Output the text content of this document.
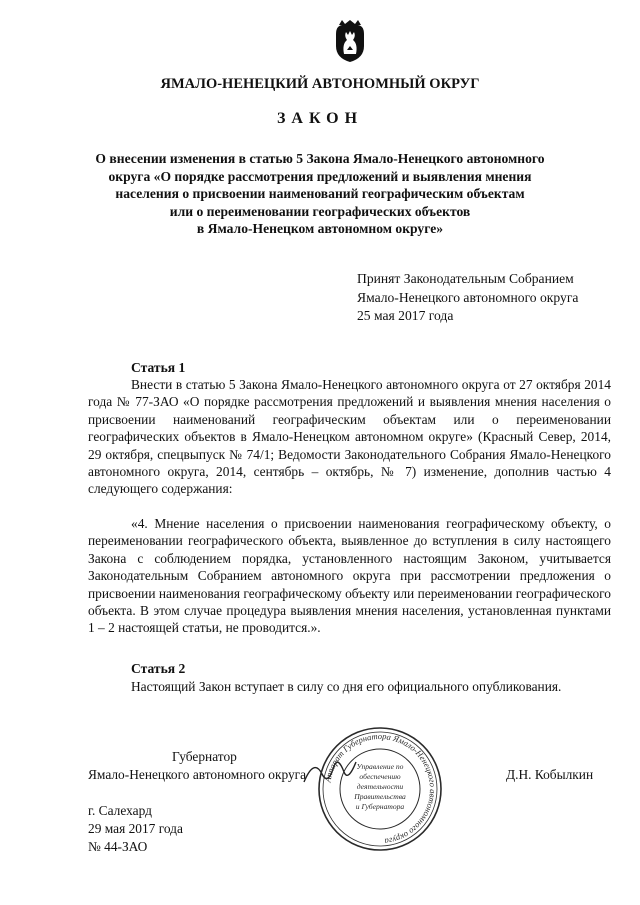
ЯМАЛО-НЕНЕЦКИЙ АВТОНОМНЫЙ ОКРУГ
ЗАКОН
О внесении изменения в статью 5 Закона Ямало-Ненецкого автономного
округа «О порядке рассмотрения предложений и выявления мнения
населения о присвоении наименований географическим объектам
или о переименовании географических объектов
в Ямало-Ненецком автономном округе»
Принят Законодательным Собранием
Ямало-Ненецкого автономного округа
25 мая 2017 года
Статья 1
Внести в статью 5 Закона Ямало-Ненецкого автономного округа от 27 октября 2014 года № 77-ЗАО «О порядке рассмотрения предложений и выявления мнения населения о присвоении наименований географическим объектам или о переименовании географических объектов в Ямало-Ненецком автономном округе» (Красный Север, 2014, 29 октября, спецвыпуск № 74/1; Ведомости Законодательного Собрания Ямало-Ненецкого автономного округа, 2014, сентябрь – октябрь, № 7) изменение, дополнив частью 4 следующего содержания:
«4. Мнение населения о присвоении наименования географическому объекту, о переименовании географического объекта, выявленное до вступления в силу настоящего Закона с соблюдением порядка, установленного настоящим Законом, учитывается Законодательным Собранием автономного округа при рассмотрении предложения о присвоении наименования географическому объекту или переименовании географического объекта. В этом случае процедура выявления мнения населения, установленная пунктами 1 – 2 настоящей статьи, не проводится.».
Статья 2
Настоящий Закон вступает в силу со дня его официального опубликования.
Губернатор
Ямало-Ненецкого автономного округа	Д.Н. Кобылкин
Аппарат Губернатора Ямало-Ненецкого автономного округа
Управление по
обеспечению
деятельности
Правительства
и Губернатора
г. Салехард
29 мая 2017 года
№ 44-ЗАО
